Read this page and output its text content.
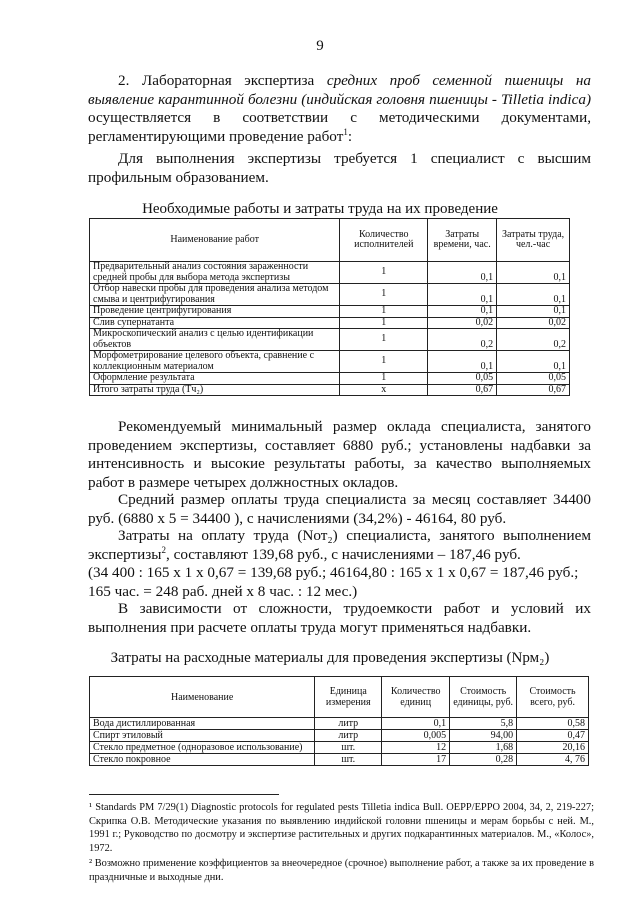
9
2. Лабораторная экспертиза средних проб семенной пшеницы на выявление карантинной болезни (индийская головня пшеницы - Tilletia indica) осуществляется в соответствии с методическими документами, регламентирующими проведение работ$^1$:
Для выполнения экспертизы требуется 1 специалист с высшим профильным образованием.
Необходимые работы и затраты труда на их проведение
Наименование работ	Количество исполнителей	Затраты времени, час.	Затраты труда, чел.-час
Предварительный анализ состояния зараженности средней пробы для выбора метода экспертизы	1	0,1	0,1
Отбор навески пробы для проведения анализа методом смыва и центрифугирования	1	0,1	0,1
Проведение центрифугирования	1	0,1	0,1
Слив супернатанта	1	0,02	0,02
Микроскопический анализ с целью идентификации объектов	1	0,2	0,2
Морфометрирование целевого объекта, сравнение с коллекционным материалом	1	0,1	0,1
Оформление результата	1	0,05	0,05
Итого затраты труда (Тч₂)	x	0,67	0,67
Рекомендуемый минимальный размер оклада специалиста, занятого проведением экспертизы, составляет 6880 руб.; установлены надбавки за интенсивность и высокие результаты работы, за качество выполняемых работ в размере четырех должностных окладов.
Средний размер оплаты труда специалиста за месяц составляет 34400 руб. (6880 х 5 = 34400 ), с начислениями (34,2%) - 46164, 80 руб.
Затраты на оплату труда (Nот₂) специалиста, занятого выполнением экспертизы$^2$, составляют 139,68 руб., с начислениями – 187,46 руб.
(34 400 : 165 х 1 х 0,67 = 139,68 руб.; 46164,80 : 165 х 1 х 0,67 = 187,46 руб.; 165 час. = 248 раб. дней х 8 час. : 12 мес.)
В зависимости от сложности, трудоемкости работ и условий их выполнения при расчете оплаты труда могут применяться надбавки.
Затраты на расходные материалы для проведения экспертизы (Nрм₂)
Наименование	Единица измерения	Количество единиц	Стоимость единицы, руб.	Стоимость всего, руб.
Вода дистиллированная	литр	0,1	5,8	0,58
Спирт этиловый	литр	0,005	94,00	0,47
Стекло предметное (одноразовое использование)	шт.	12	1,68	20,16
Стекло покровное	шт.	17	0,28	4, 76
¹ Standards PM 7/29(1) Diagnostic protocols for regulated pests Tilletia indica Bull. OEPP/EPPO 2004, 34, 2, 219-227; Скрипка О.В. Методические указания по выявлению индийской головни пшеницы и мерам борьбы с ней. М., 1991 г.; Руководство по досмотру и экспертизе растительных и других подкарантинных материалов. М., «Колос», 1972.
² Возможно применение коэффициентов за внеочередное (срочное) выполнение работ, а также за их проведение в праздничные и выходные дни.
